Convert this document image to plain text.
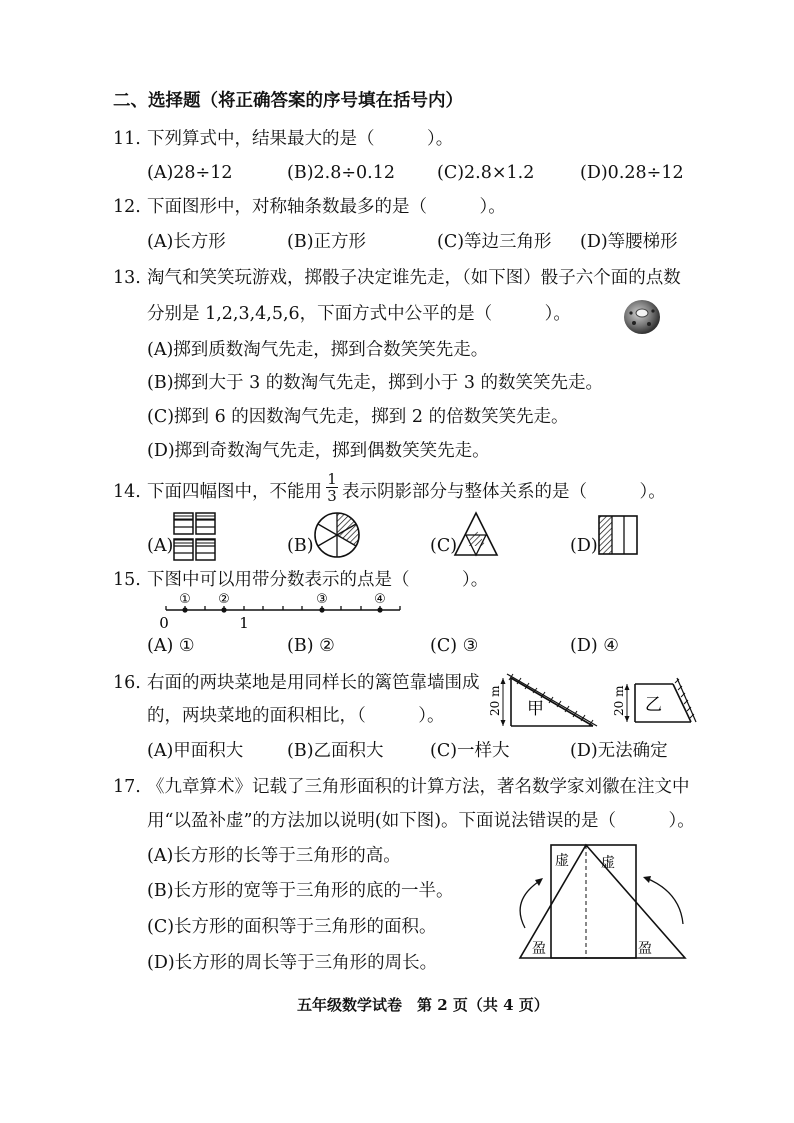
二、选择题（将正确答案的序号填在括号内）
11. 下列算式中，结果最大的是（　　　）。
(A)28÷12	(B)2.8÷0.12 (C)2.8×1.2	(D)0.28÷12
12. 下面图形中，对称轴条数最多的是（　　　）。
(A)长方形	(B)正方形	(C)等边三角形 (D)等腰梯形
13. 淘气和笑笑玩游戏，掷骰子决定谁先走，（如下图）骰子六个面的点数
分别是 1,2,3,4,5,6，下面方式中公平的是（　　　）。
(A)掷到质数淘气先走，掷到合数笑笑先走。
(B)掷到大于 3 的数淘气先走，掷到小于 3 的数笑笑先走。
(C)掷到 6 的因数淘气先走，掷到 2 的倍数笑笑先走。
(D)掷到奇数淘气先走，掷到偶数笑笑先走。
14. 下面四幅图中，不能用
1
3 表示阴影部分与整体关系的是（　　　）。
(A)	(B)	(C)	(D)
15. 下图中可以用带分数表示的点是（　　　）。
① ②	③	④
0	1
(A) ①	(B) ②	(C) ③	(D) ④
16. 右面的两块菜地是用同样长的篱笆靠墙围成
的，两块菜地的面积相比，（　　　）。	20 m 甲	20 m 乙
(A)甲面积大 (B)乙面积大	(C)一样大	(D)无法确定
17. 《九章算术》记载了三角形面积的计算方法，著名数学家刘徽在注文中
用“以盈补虚”的方法加以说明(如下图)。下面说法错误的是（　　　）。
(A)长方形的长等于三角形的高。
(B)长方形的宽等于三角形的底的一半。
(C)长方形的面积等于三角形的面积。
(D)长方形的周长等于三角形的周长。
虚 虚
盈	盈
五年级数学试卷　第 2 页（共 4 页）
